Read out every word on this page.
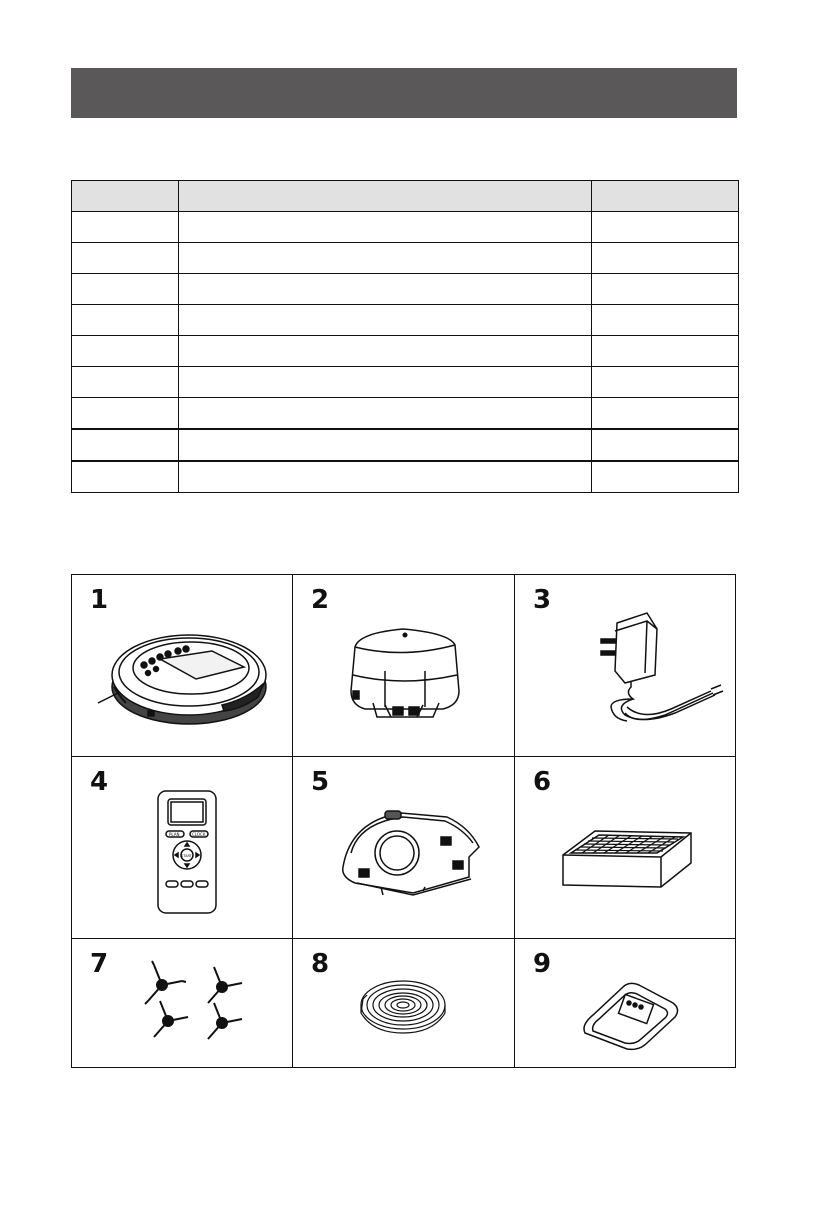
1	2	3
4
PLAN	CLOCK
START
5	6
7	8	9
